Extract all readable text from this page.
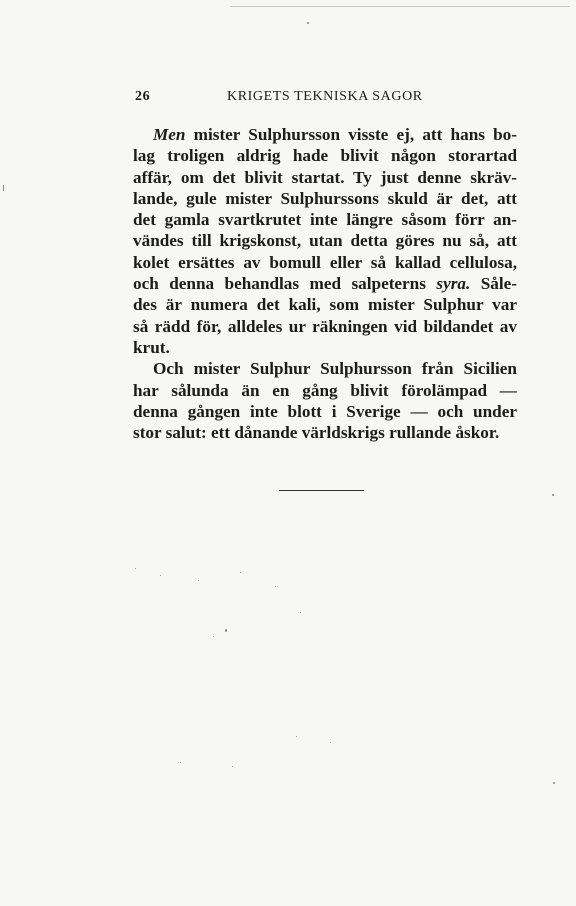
26	KRIGETS TEKNISKA SAGOR
Men mister Sulphursson visste ej, att hans bo-
lag troligen aldrig hade blivit någon storartad
affär, om det blivit startat. Ty just denne skräv-
lande, gule mister Sulphurssons skuld är det, att
det gamla svartkrutet inte längre såsom förr an-
vändes till krigskonst, utan detta göres nu så, att
kolet ersättes av bomull eller så kallad cellulosa,
och denna behandlas med salpeterns syra. Såle-
des är numera det kali, som mister Sulphur var
så rädd för, alldeles ur räkningen vid bildandet av
krut.
Och mister Sulphur Sulphursson från Sicilien
har sålunda än en gång blivit förolämpad —
denna gången inte blott i Sverige — och under
stor salut: ett dånande världskrigs rullande åskor.
